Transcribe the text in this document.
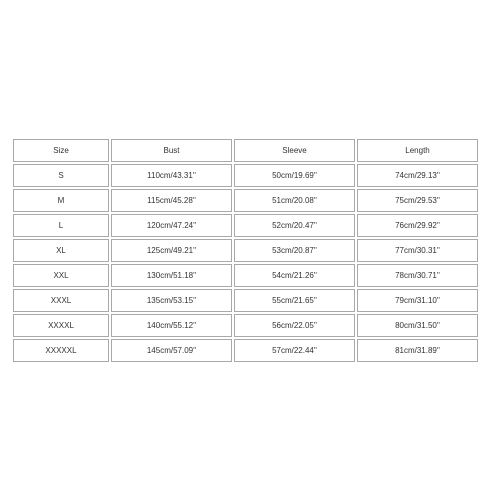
Size	Bust	Sleeve	Length
S	110cm/43.31''	50cm/19.69''	74cm/29.13''
M	115cm/45.28''	51cm/20.08''	75cm/29.53''
L	120cm/47.24''	52cm/20.47''	76cm/29.92''
XL	125cm/49.21''	53cm/20.87''	77cm/30.31''
XXL	130cm/51.18''	54cm/21.26''	78cm/30.71''
XXXL	135cm/53.15''	55cm/21.65''	79cm/31.10''
XXXXL	140cm/55.12''	56cm/22.05''	80cm/31.50''
XXXXXL	145cm/57.09''	57cm/22.44''	81cm/31.89''
